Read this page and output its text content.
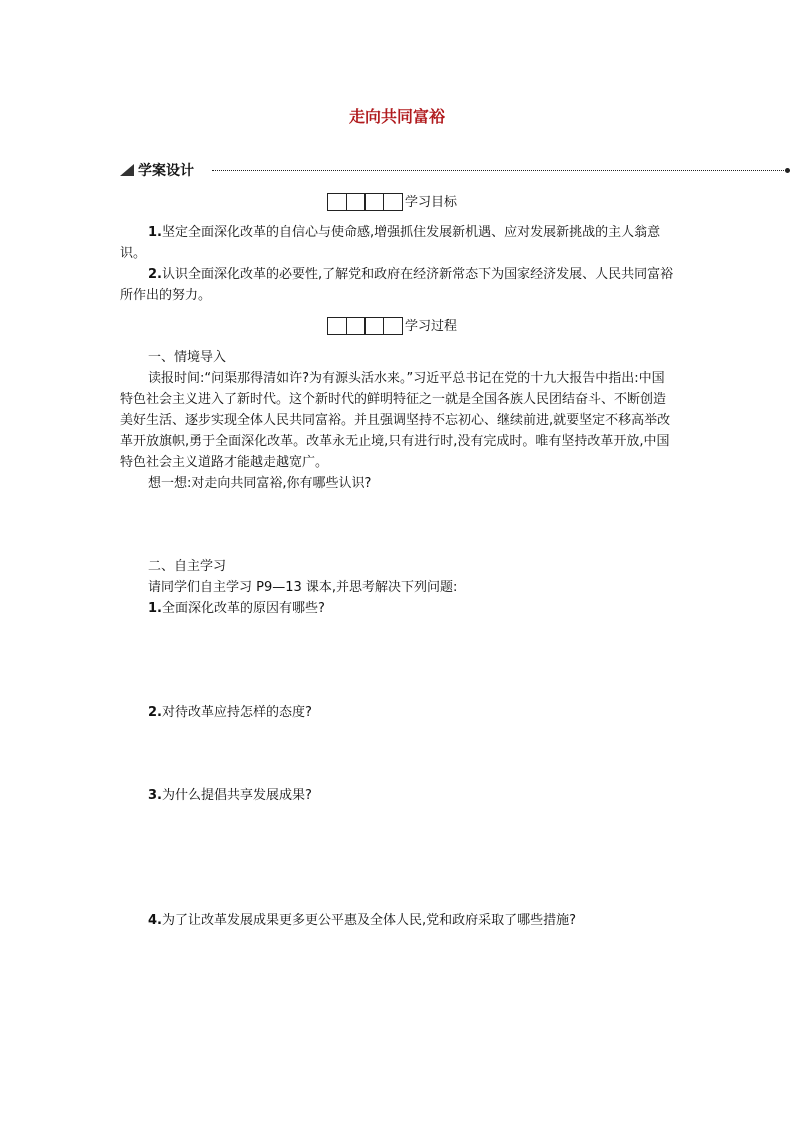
走向共同富裕
学案设计
学习目标
1.坚定全面深化改革的自信心与使命感,增强抓住发展新机遇、应对发展新挑战的主人翁意识。
2.认识全面深化改革的必要性,了解党和政府在经济新常态下为国家经济发展、人民共同富裕所作出的努力。
学习过程
一、情境导入
读报时间:“问渠那得清如许?为有源头活水来。”习近平总书记在党的十九大报告中指出:中国特色社会主义进入了新时代。这个新时代的鲜明特征之一就是全国各族人民团结奋斗、不断创造美好生活、逐步实现全体人民共同富裕。并且强调坚持不忘初心、继续前进,就要坚定不移高举改革开放旗帜,勇于全面深化改革。改革永无止境,只有进行时,没有完成时。唯有坚持改革开放,中国特色社会主义道路才能越走越宽广。
想一想:对走向共同富裕,你有哪些认识?
二、自主学习
请同学们自主学习 P9—13 课本,并思考解决下列问题:
1.全面深化改革的原因有哪些?
2.对待改革应持怎样的态度?
3.为什么提倡共享发展成果?
4.为了让改革发展成果更多更公平惠及全体人民,党和政府采取了哪些措施?
